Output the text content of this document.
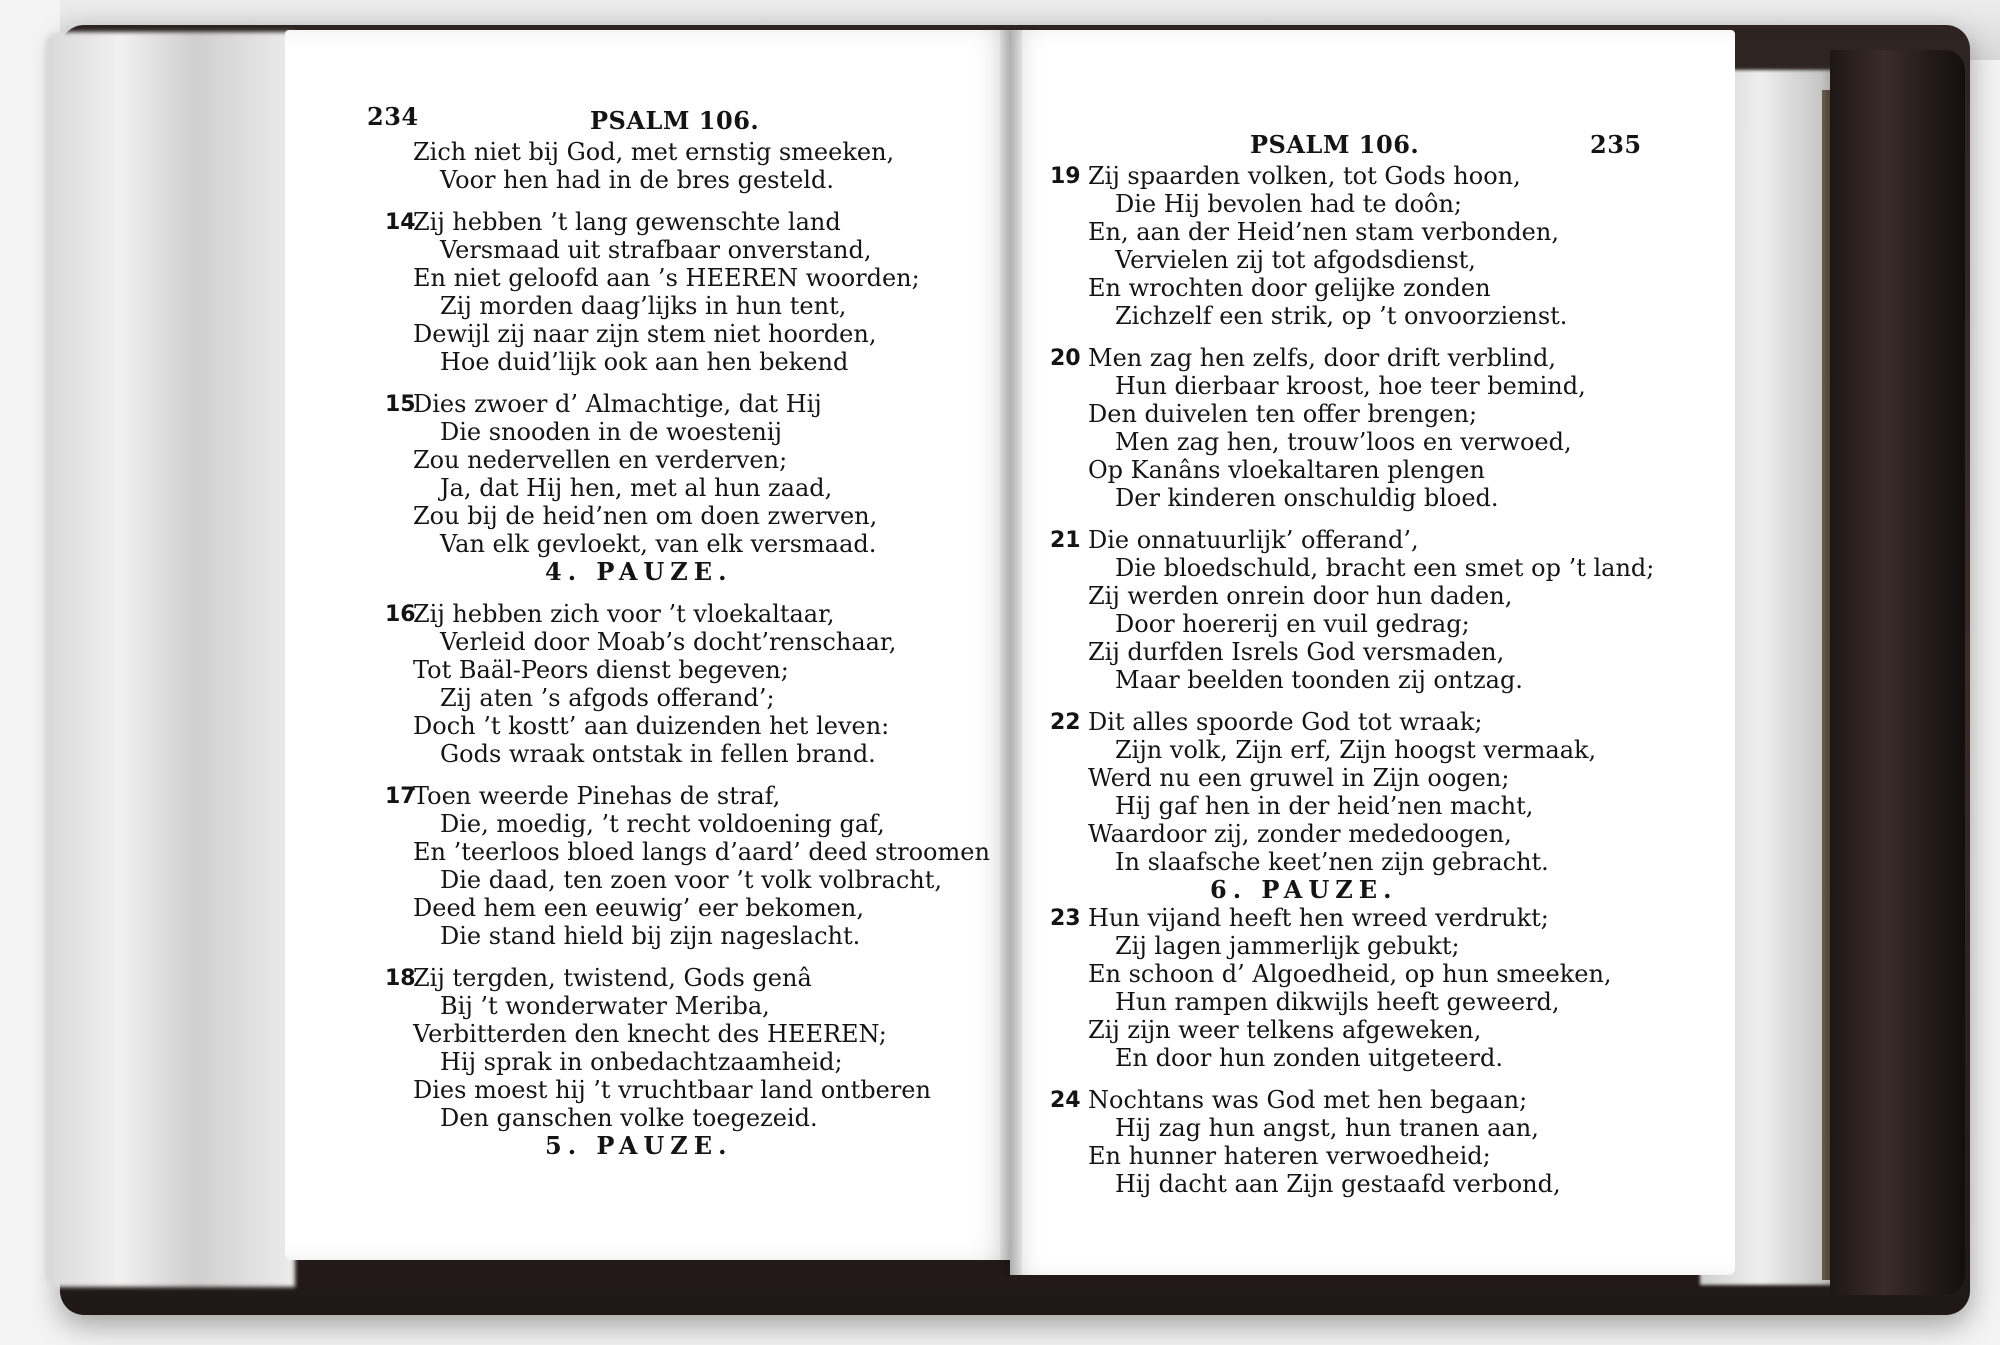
234	PSALM 106.
Zich niet bij God, met ernstig smeeken,
Voor hen had in de bres gesteld.
14
Zij hebben ’t lang gewenschte land
Versmaad uit strafbaar onverstand,
En niet geloofd aan ’s HEEREN woorden;
Zij morden daag’lijks in hun tent,
Dewijl zij naar zijn stem niet hoorden,
Hoe duid’lijk ook aan hen bekend
15
Dies zwoer d’ Almachtige, dat Hij
Die snooden in de woestenij
Zou nedervellen en verderven;
Ja, dat Hij hen, met al hun zaad,
Zou bij de heid’nen om doen zwerven,
Van elk gevloekt, van elk versmaad.
4. PAUZE.
16
Zij hebben zich voor ’t vloekaltaar,
Verleid door Moab’s docht’renschaar,
Tot Baäl-Peors dienst begeven;
Zij aten ’s afgods offerand’;
Doch ’t kostt’ aan duizenden het leven:
Gods wraak ontstak in fellen brand.
17
Toen weerde Pinehas de straf,
Die, moedig, ’t recht voldoening gaf,
En ’teerloos bloed langs d’aard’ deed stroomen
Die daad, ten zoen voor ’t volk volbracht,
Deed hem een eeuwig’ eer bekomen,
Die stand hield bij zijn nageslacht.
18
Zij tergden, twistend, Gods genâ
Bij ’t wonderwater Meriba,
Verbitterden den knecht des HEEREN;
Hij sprak in onbedachtzaamheid;
Dies moest hij ’t vruchtbaar land ontberen
Den ganschen volke toegezeid.
5. PAUZE.
PSALM 106.	235
19 Zij spaarden volken, tot Gods hoon,
Die Hij bevolen had te doôn;
En, aan der Heid’nen stam verbonden,
Vervielen zij tot afgodsdienst,
En wrochten door gelijke zonden
Zichzelf een strik, op ’t onvoorzienst.
20 Men zag hen zelfs, door drift verblind,
Hun dierbaar kroost, hoe teer bemind,
Den duivelen ten offer brengen;
Men zag hen, trouw’loos en verwoed,
Op Kanâns vloekaltaren plengen
Der kinderen onschuldig bloed.
21 Die onnatuurlijk’ offerand’,
Die bloedschuld, bracht een smet op ’t land;
Zij werden onrein door hun daden,
Door hoererij en vuil gedrag;
Zij durfden Isrels God versmaden,
Maar beelden toonden zij ontzag.
22 Dit alles spoorde God tot wraak;
Zijn volk, Zijn erf, Zijn hoogst vermaak,
Werd nu een gruwel in Zijn oogen;
Hij gaf hen in der heid’nen macht,
Waardoor zij, zonder mededoogen,
In slaafsche keet’nen zijn gebracht.
6. PAUZE.
23 Hun vijand heeft hen wreed verdrukt;
Zij lagen jammerlijk gebukt;
En schoon d’ Algoedheid, op hun smeeken,
Hun rampen dikwijls heeft geweerd,
Zij zijn weer telkens afgeweken,
En door hun zonden uitgeteerd.
24 Nochtans was God met hen begaan;
Hij zag hun angst, hun tranen aan,
En hunner hateren verwoedheid;
Hij dacht aan Zijn gestaafd verbond,
